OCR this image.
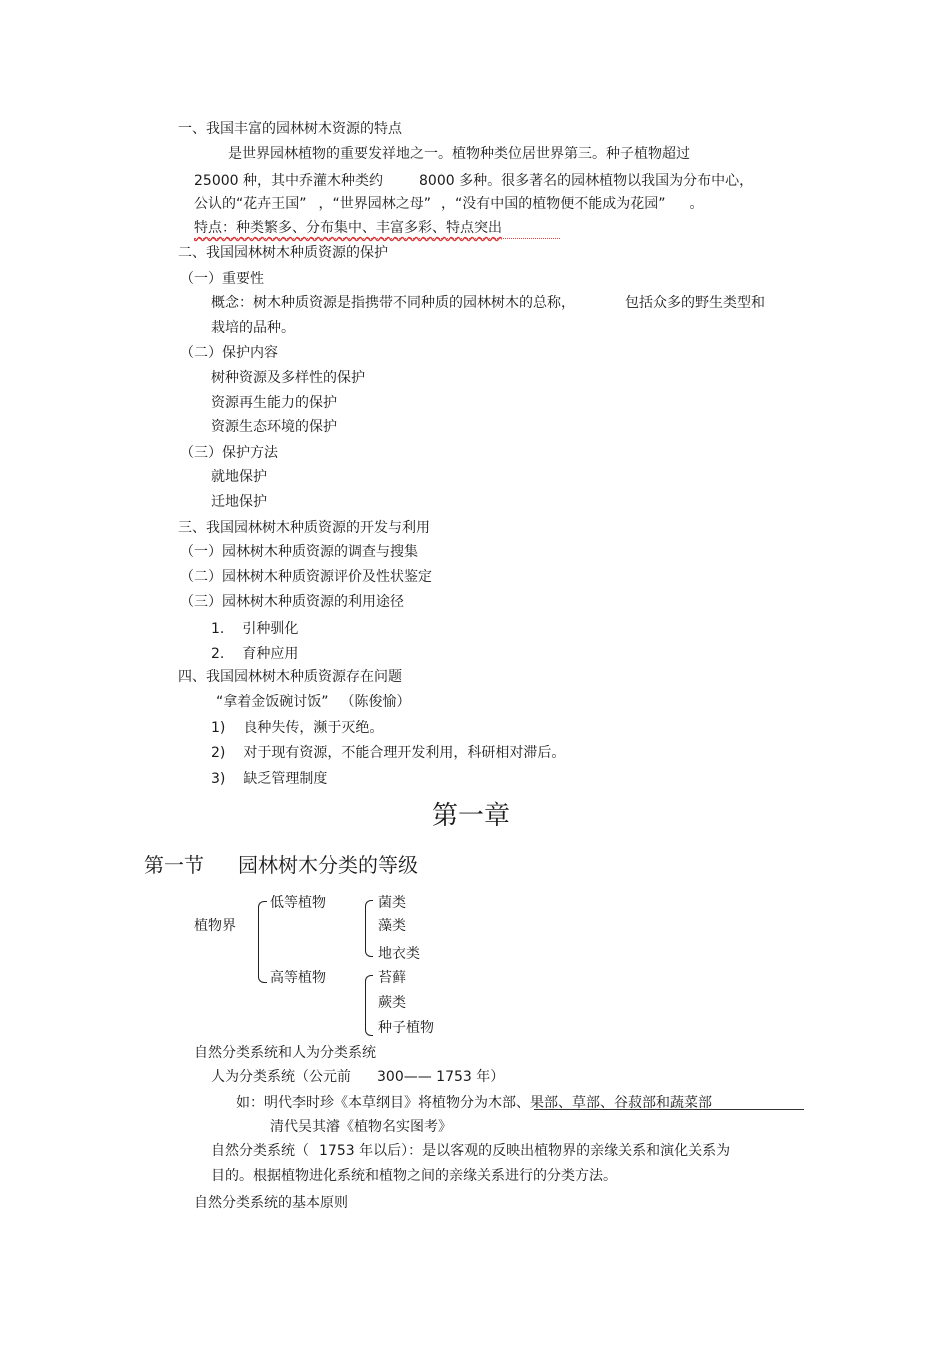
一、我国丰富的园林树木资源的特点
是世界园林植物的重要发祥地之一。植物种类位居世界第三。种子植物超过
25000 种，其中乔灌木种类约	8000 多种。很多著名的园林植物以我国为分布中心，
公认的“花卉王国” ，“世界园林之母” ，“没有中国的植物便不能成为花园” 。
特点：种类繁多、分布集中、丰富多彩、特点突出
二、我国园林树木种质资源的保护
（一）重要性
概念：树木种质资源是指携带不同种质的园林树木的总称，	包括众多的野生类型和
栽培的品种。
（二）保护内容
树种资源及多样性的保护
资源再生能力的保护
资源生态环境的保护
（三）保护方法
就地保护
迁地保护
三、我国园林树木种质资源的开发与利用
（一）园林树木种质资源的调查与搜集
（二）园林树木种质资源评价及性状鉴定
（三）园林树木种质资源的利用途径
1. 引种驯化
2. 育种应用
四、我国园林树木种质资源存在问题
“拿着金饭碗讨饭” （陈俊愉）
1) 良种失传，濒于灭绝。
2) 对于现有资源，不能合理开发利用，科研相对滞后。
3) 缺乏管理制度
第一章
第一节 园林树木分类的等级
植物界
低等植物
高等植物
菌类
藻类
地衣类
苔藓
蕨类
种子植物
自然分类系统和人为分类系统
人为分类系统（公元前 300—— 1753 年）
如：明代李时珍《本草纲目》将植物分为木部、果部、草部、谷菽部和蔬菜部
清代吴其濬《植物名实图考》
自然分类系统（ 1753 年以后）：是以客观的反映出植物界的亲缘关系和演化关系为
目的。根据植物进化系统和植物之间的亲缘关系进行的分类方法。
自然分类系统的基本原则
